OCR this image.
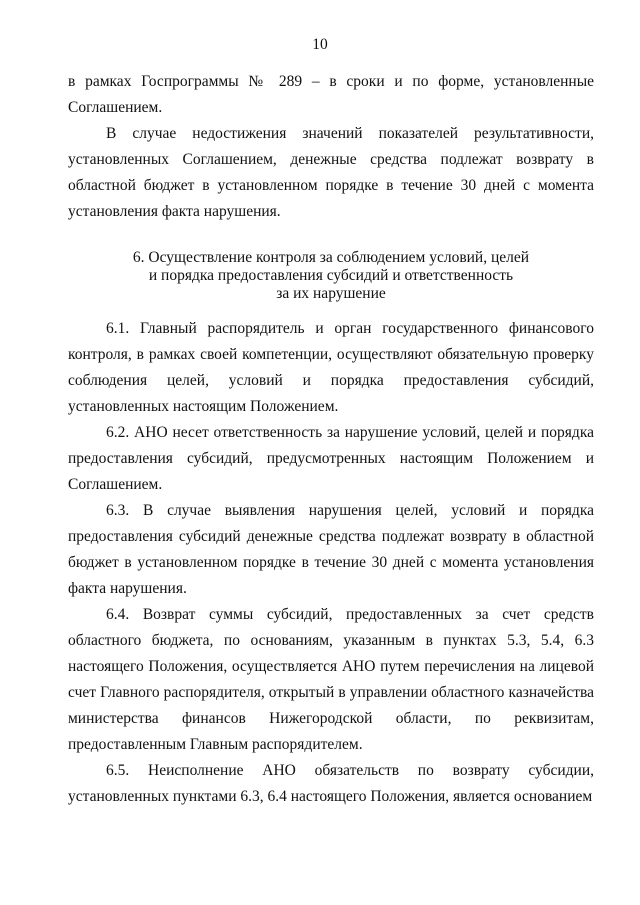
10

в рамках Госпрограммы № 289 – в сроки и по форме, установленные Соглашением.

В случае недостижения значений показателей результативности, установленных Соглашением, денежные средства подлежат возврату в областной бюджет в установленном порядке в течение 30 дней с момента установления факта нарушения.

6. Осуществление контроля за соблюдением условий, целей
и порядка предоставления субсидий и ответственность
за их нарушение

6.1. Главный распорядитель и орган государственного финансового контроля, в рамках своей компетенции, осуществляют обязательную проверку соблюдения целей, условий и порядка предоставления субсидий, установленных настоящим Положением.

6.2. АНО несет ответственность за нарушение условий, целей и порядка предоставления субсидий, предусмотренных настоящим Положением и Соглашением.

6.3. В случае выявления нарушения целей, условий и порядка предоставления субсидий денежные средства подлежат возврату в областной бюджет в установленном порядке в течение 30 дней с момента установления факта нарушения.

6.4. Возврат суммы субсидий, предоставленных за счет средств областного бюджета, по основаниям, указанным в пунктах 5.3, 5.4, 6.3 настоящего Положения, осуществляется АНО путем перечисления на лицевой счет Главного распорядителя, открытый в управлении областного казначейства министерства финансов Нижегородской области, по реквизитам, предоставленным Главным распорядителем.

6.5. Неисполнение АНО обязательств по возврату субсидии, установленных пунктами 6.3, 6.4 настоящего Положения, является основанием
